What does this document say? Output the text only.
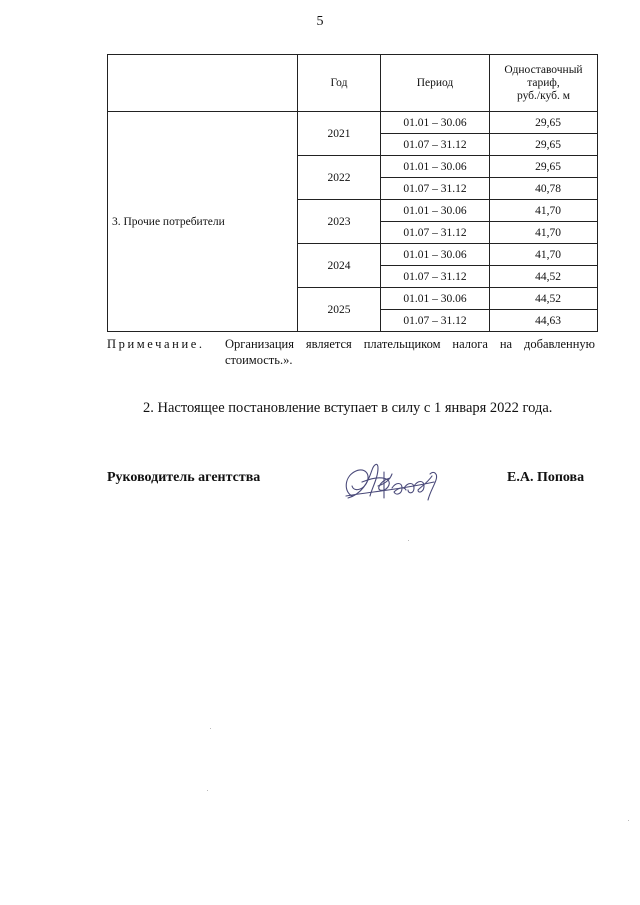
5
	Год	Период	Одноставочный
тариф,
руб./куб. м
3. Прочие потребители	2021	01.01 – 30.06	29,65
		01.07 – 31.12	29,65
	2022	01.01 – 30.06	29,65
		01.07 – 31.12	40,78
	2023	01.01 – 30.06	41,70
		01.07 – 31.12	41,70
	2024	01.01 – 30.06	41,70
		01.07 – 31.12	44,52
	2025	01.01 – 30.06	44,52
		01.07 – 31.12	44,63
Примечание. Организация является плательщиком налога на добавленную стоимость.».
2. Настоящее постановление вступает в силу с 1 января 2022 года.
Руководитель агентства	Е.А. Попова
